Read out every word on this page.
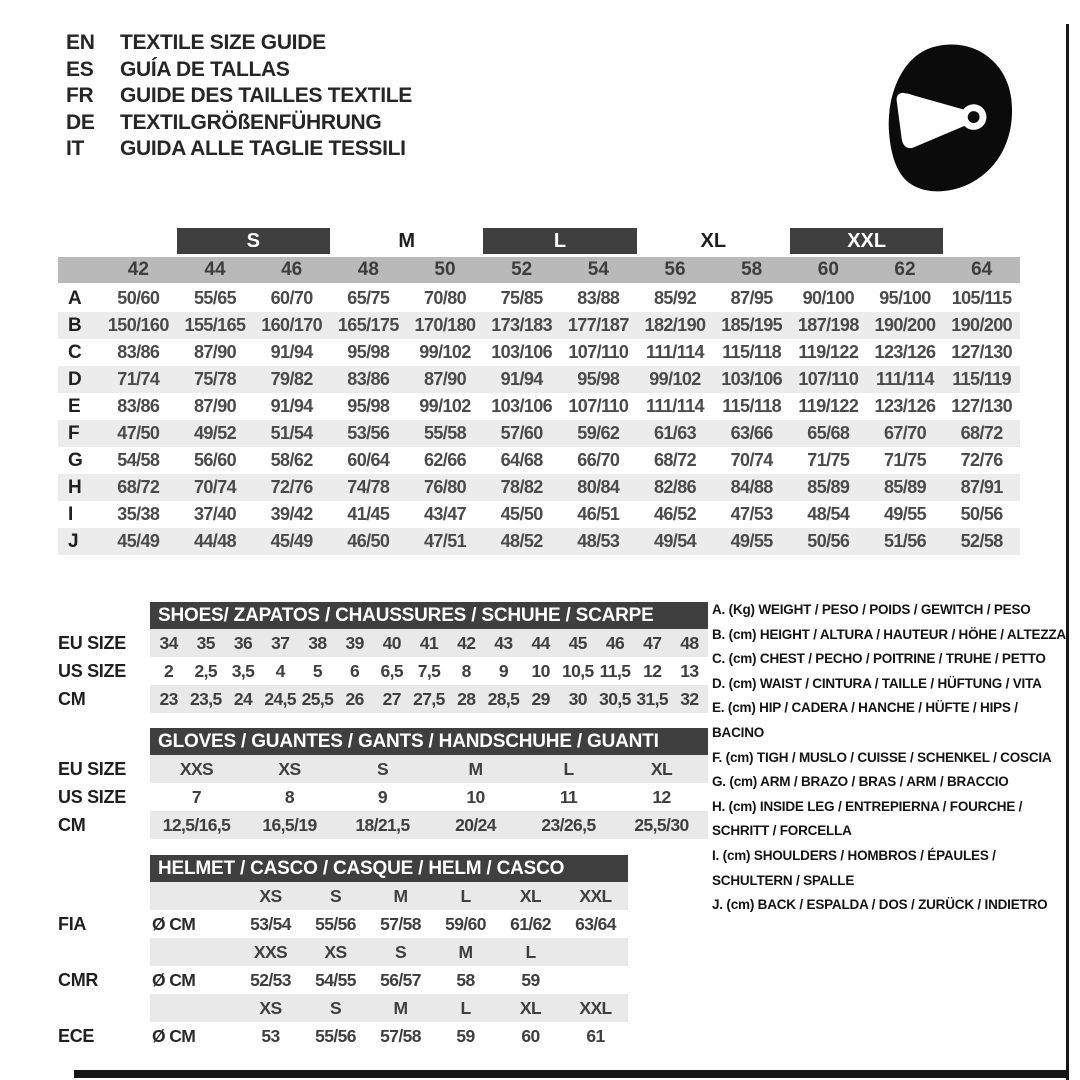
EN	TEXTILE SIZE GUIDE
ES	GUÍA DE TALLAS
FR	GUIDE DES TAILLES TEXTILE
DE	TEXTILGRÖßENFÜHRUNG
IT	GUIDA ALLE TAGLIE TESSILI
S	M	L	XL	XXL
42	44	46	48	50	52	54	56	58	60	62	64
A	50/60	55/65	60/70	65/75	70/80	75/85	83/88	85/92	87/95	90/100	95/100	105/115
B	150/160 155/165 160/170 165/175 170/180 173/183 177/187 182/190 185/195 187/198 190/200 190/200
C	83/86	87/90	91/94	95/98	99/102	103/106 107/110 111/114	115/118 119/122 123/126 127/130
D	71/74	75/78	79/82	83/86	87/90	91/94	95/98	99/102	103/106 107/110 111/114	115/119
E	83/86	87/90	91/94	95/98	99/102	103/106 107/110 111/114	115/118 119/122 123/126 127/130
F	47/50	49/52	51/54	53/56	55/58	57/60	59/62	61/63	63/66	65/68	67/70	68/72
G	54/58	56/60	58/62	60/64	62/66	64/68	66/70	68/72	70/74	71/75	71/75	72/76
H	68/72	70/74	72/76	74/78	76/80	78/82	80/84	82/86	84/88	85/89	85/89	87/91
I	35/38	37/40	39/42	41/45	43/47	45/50	46/51	46/52	47/53	48/54	49/55	50/56
J	45/49	44/48	45/49	46/50	47/51	48/52	48/53	49/54	49/55	50/56	51/56	52/58
SHOES/ ZAPATOS / CHAUSSURES / SCHUHE / SCARPE
EU SIZE	34	35	36	37	38	39	40	41	42	43	44	45	46	47	48
US SIZE	2	2,5 3,5	4	5	6	6,5 7,5	8	9	10 10,5 11,5 12	13
CM	23 23,5 24 24,5 25,5 26	27 27,5 28 28,5 29	30 30,5 31,5 32
GLOVES / GUANTES / GANTS / HANDSCHUHE / GUANTI
EU SIZE	XXS	XS	S	M	L	XL
US SIZE	7	8	9	10	11	12
CM	12,5/16,5	16,5/19	18/21,5	20/24	23/26,5	25,5/30
HELMET / CASCO / CASQUE / HELM / CASCO
XS	S	M	L	XL	XXL
FIA	Ø CM	53/54	55/56	57/58	59/60	61/62	63/64
XXS	XS	S	M	L
CMR	Ø CM	52/53	54/55	56/57	58	59
XS	S	M	L	XL	XXL
ECE	Ø CM	53	55/56	57/58	59	60	61
A. (Kg) WEIGHT / PESO / POIDS / GEWITCH / PESO
B. (cm) HEIGHT / ALTURA / HAUTEUR / HÖHE / ALTEZZA
C. (cm) CHEST / PECHO / POITRINE / TRUHE / PETTO
D. (cm) WAIST / CINTURA / TAILLE / HÜFTUNG / VITA
E. (cm) HIP / CADERA / HANCHE / HÜFTE / HIPS / BACINO
F. (cm) TIGH / MUSLO / CUISSE / SCHENKEL / COSCIA
G. (cm) ARM / BRAZO / BRAS / ARM / BRACCIO
H. (cm) INSIDE LEG / ENTREPIERNA / FOURCHE / SCHRITT / FORCELLA
I. (cm) SHOULDERS / HOMBROS / ÉPAULES / SCHULTERN / SPALLE
J. (cm) BACK / ESPALDA / DOS / ZURÜCK / INDIETRO
